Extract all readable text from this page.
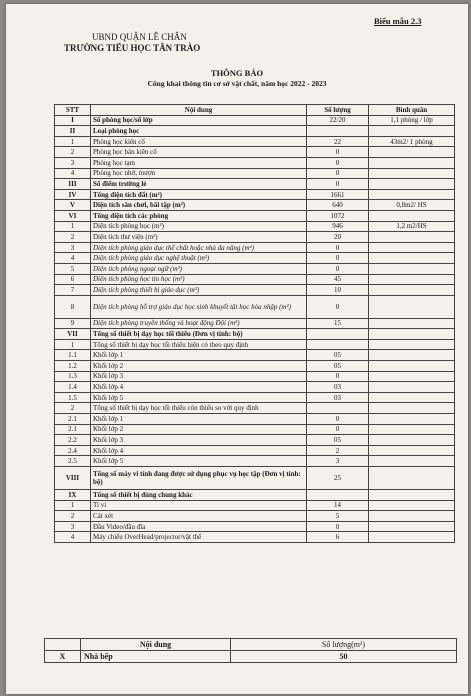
Biểu mẫu 2.3
UBND QUẬN LÊ CHÂN
TRƯỜNG TIỂU HỌC TÂN TRÀO
THÔNG BÁO
Công khai thông tin cơ sở vật chất, năm học 2022 - 2023
STT	Nội dung	Số lượng	Bình quân
I	Số phòng học/số lớp	22/20	1,1 phòng / lớp
II	Loại phòng học		
1	Phòng học kiên cố	22	43m2/ 1 phòng
2	Phòng học bán kiên cố	0	
3	Phòng học tạm	0	
4	Phòng học nhờ, mượn	0	
III	Số điểm trường lẻ	0	
IV	Tổng diện tích đất (m²)	1661	
V	Diện tích sân chơi, bãi tập (m²)	640	0,8m2/ HS
VI	Tổng diện tích các phòng	1072	
1	Diện tích phòng học (m²)	946	1,2 m2/HS
2	Diện tích thư viện (m²)	20	
3	Diện tích phòng giáo dục thể chất hoặc nhà đa năng (m²)	0	
4	Diện tích phòng giáo dục nghệ thuật (m²)	0	
5	Diện tích phòng ngoại ngữ (m²)	0	
6	Diện tích phòng học tin học (m²)	45	
7	Diện tích phòng thiết bị giáo dục (m²)	10	
8	Diện tích phòng hỗ trợ giáo dục học sinh khuyết tật học hòa nhập (m²)	0	
9	Diện tích phòng truyền thống và hoạt động Đội (m²)	15	
VII	Tổng số thiết bị dạy học tối thiểu (Đơn vị tính: bộ)		
1	Tổng số thiết bị dạy học tối thiểu hiện có theo quy định		
1.1	Khối lớp 1	05	
1.2	Khối lớp 2	05	
1.3	Khối lớp 3	0	
1.4	Khối lớp 4	03	
1.5	Khối lớp 5	03	
2	Tổng số thiết bị dạy học tối thiểu còn thiếu so với quy định		
2.1	Khối lớp 1	0	
2.1	Khối lớp 2	0	
2.2	Khối lớp 3	05	
2.4	Khối lớp 4	2	
2.5	Khối lớp 5	3	
VIII	Tổng số máy vi tính đang được sử dụng phục vụ học tập (Đơn vị tính: bộ)	25	
IX	Tổng số thiết bị dùng chung khác		
1	Ti vi	14	
2	Cát xét	5	
3	Đầu Video/đầu đĩa	0	
4	Máy chiếu OverHead/projector/vật thể	6	
	Nội dung	Số lượng(m²)
X	Nhà bếp	50
